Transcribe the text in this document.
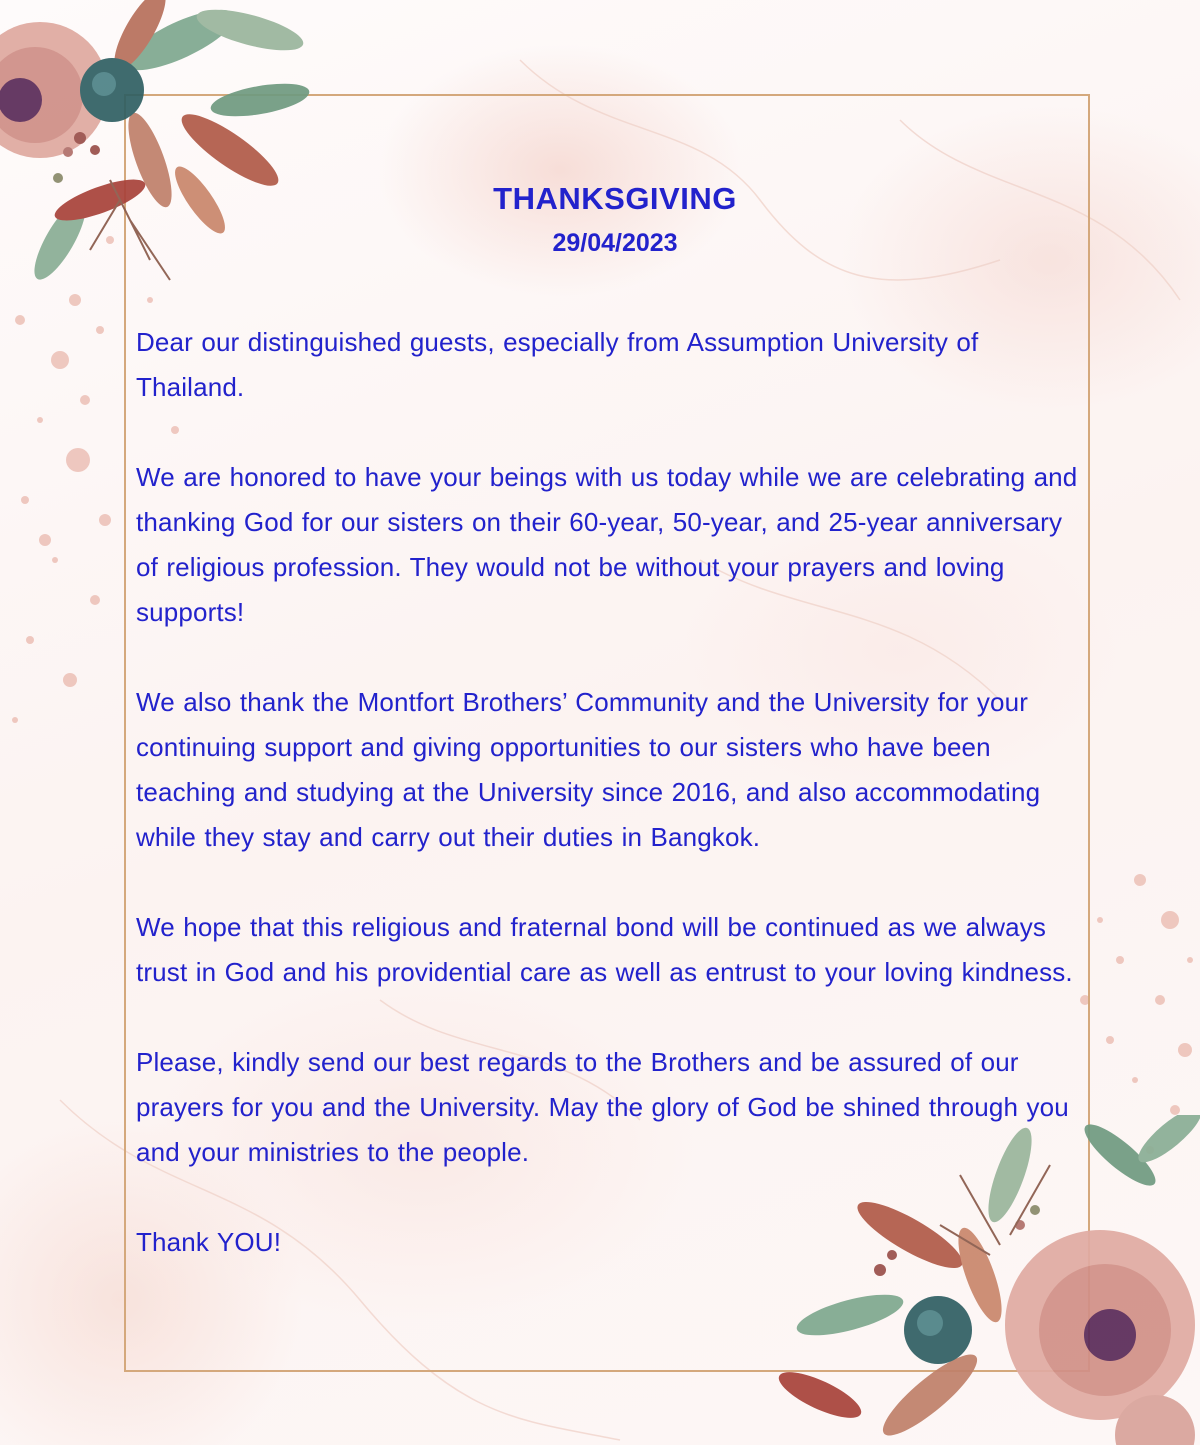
THANKSGIVING

29/04/2023

Dear our distinguished guests, especially from Assumption University of Thailand.

We are honored to have your beings with us today while we are celebrating and thanking God for our sisters on their 60-year, 50-year, and 25-year anniversary of religious profession. They would not be without your prayers and loving supports!

We also thank the Montfort Brothers’ Community and the University for your continuing support and giving opportunities to our sisters who have been teaching and studying at the University since 2016, and also accommodating while they stay and carry out their duties in Bangkok.

We hope that this religious and fraternal bond will be continued as we always trust in God and his providential care as well as entrust to your loving kindness.

Please, kindly send our best regards to the Brothers and be assured of our prayers for you and the University. May the glory of God be shined through you and your ministries to the people.

Thank YOU!
